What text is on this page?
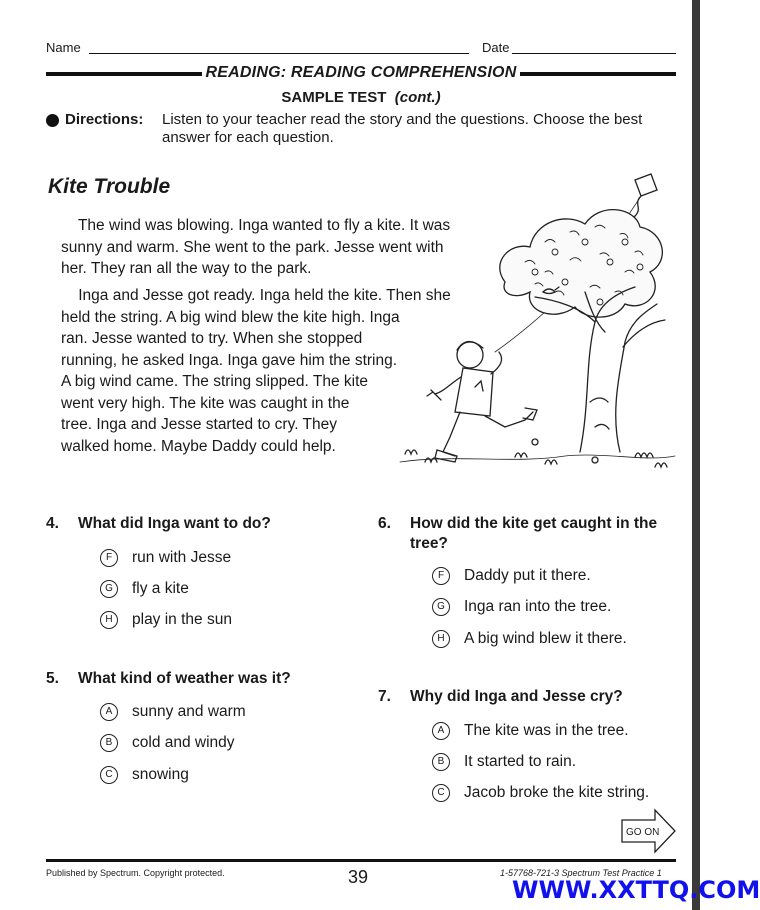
Name	Date
READING: READING COMPREHENSION
SAMPLE TEST (cont.)
Directions: Listen to your teacher read the story and the questions. Choose the best answer for each question.
Kite Trouble
The wind was blowing. Inga wanted to fly a kite. It was
sunny and warm. She went to the park. Jesse went with
her. They ran all the way to the park.
Inga and Jesse got ready. Inga held the kite. Then she
held the string. A big wind blew the kite high. Inga
ran. Jesse wanted to try. When she stopped
running, he asked Inga. Inga gave him the string.
A big wind came. The string slipped. The kite
went very high. The kite was caught in the
tree. Inga and Jesse started to cry. They
walked home. Maybe Daddy could help.
4. What did Inga want to do?
F	run with Jesse
G	fly a kite
H	play in the sun
5. What kind of weather was it?
A	sunny and warm
B	cold and windy
C	snowing
6. How did the kite get caught in the
tree?
F	Daddy put it there.
G	Inga ran into the tree.
H	A big wind blew it there.
7. Why did Inga and Jesse cry?
A	The kite was in the tree.
B	It started to rain.
C	Jacob broke the kite string.
GO ON
Published by Spectrum. Copyright protected.	39	1-57768-721-3 Spectrum Test Practice 1
WWW.XXTTQ.COM
